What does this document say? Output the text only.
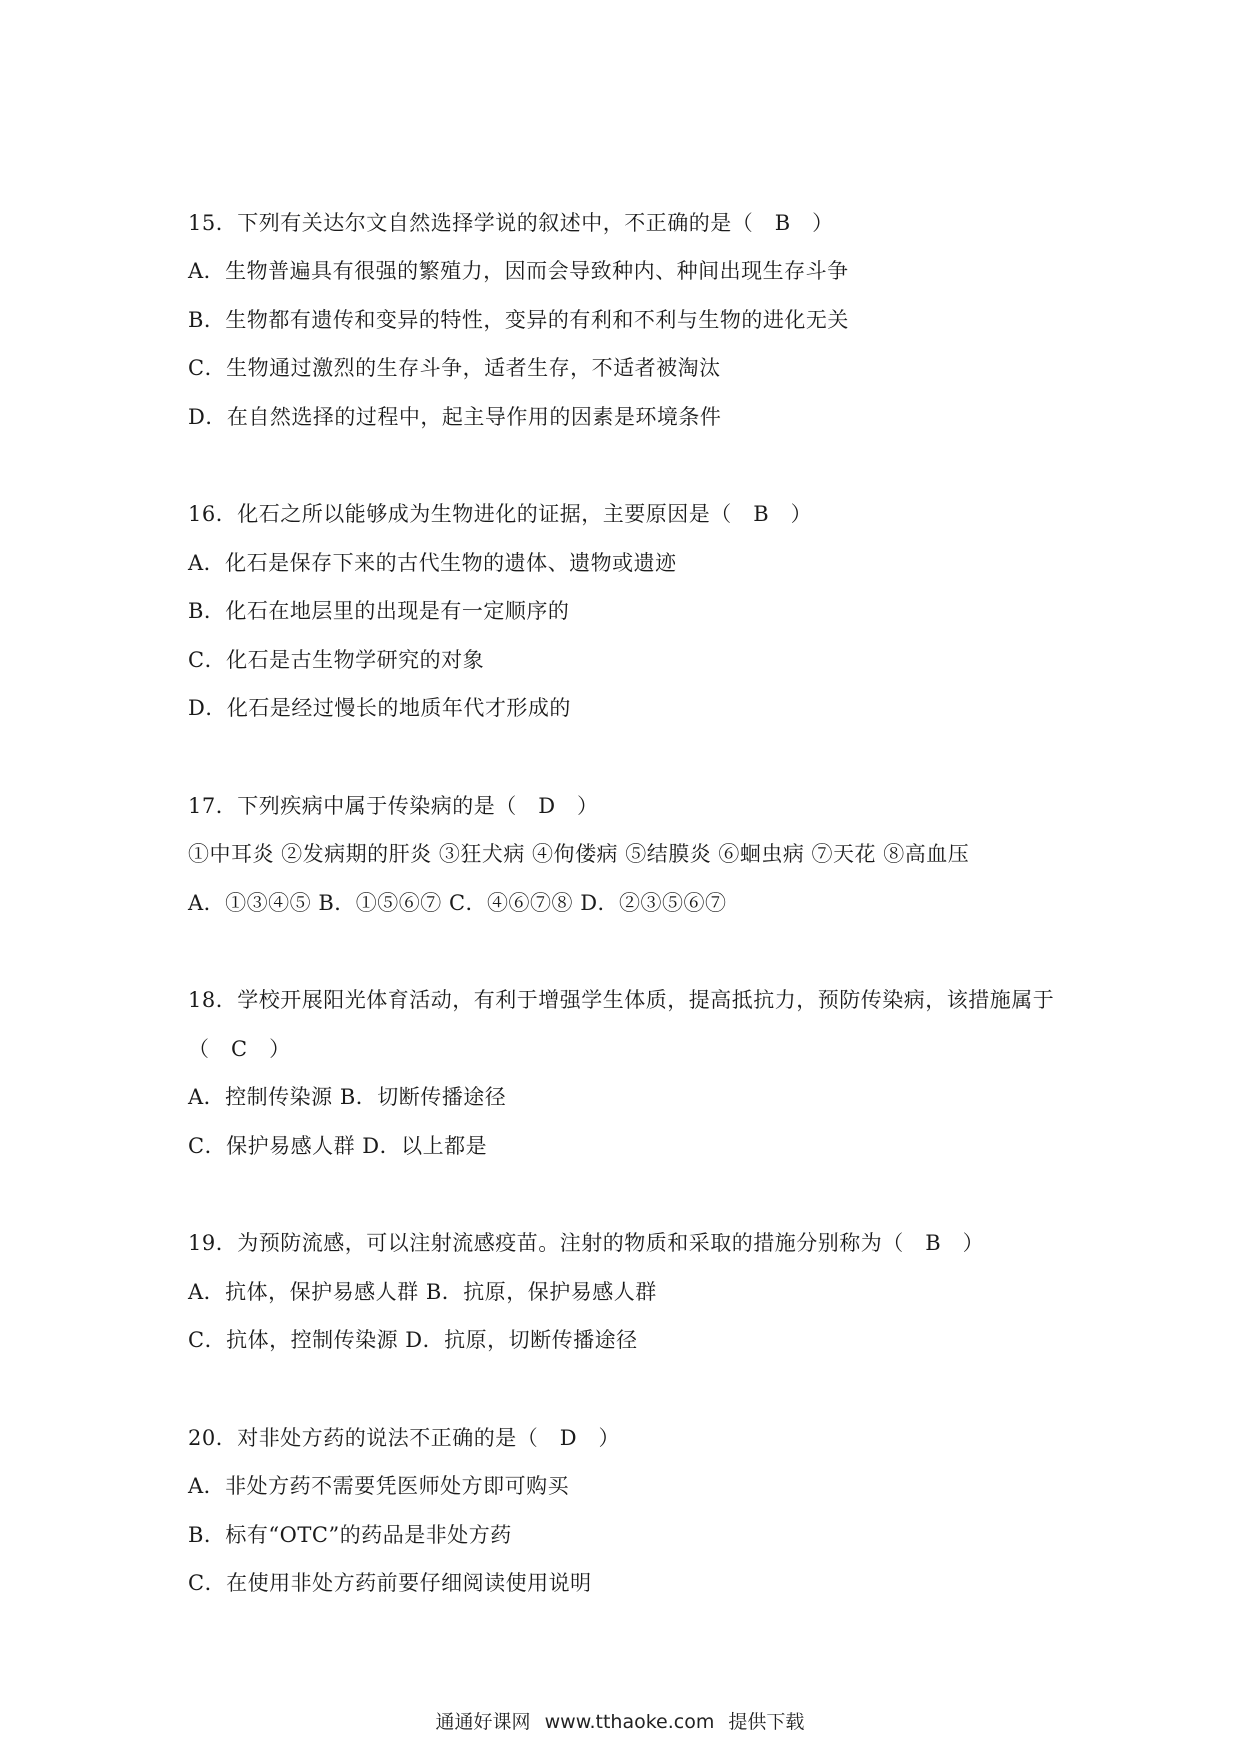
15．下列有关达尔文自然选择学说的叙述中，不正确的是（　B　）
A．生物普遍具有很强的繁殖力，因而会导致种内、种间出现生存斗争
B．生物都有遗传和变异的特性，变异的有利和不利与生物的进化无关
C．生物通过激烈的生存斗争，适者生存，不适者被淘汰
D．在自然选择的过程中，起主导作用的因素是环境条件
16．化石之所以能够成为生物进化的证据，主要原因是（　B　）
A．化石是保存下来的古代生物的遗体、遗物或遗迹
B．化石在地层里的出现是有一定顺序的
C．化石是古生物学研究的对象
D．化石是经过慢长的地质年代才形成的
17．下列疾病中属于传染病的是（　D　）
①中耳炎 ②发病期的肝炎 ③狂犬病 ④佝偻病 ⑤结膜炎 ⑥蛔虫病 ⑦天花 ⑧高血压
A．①③④⑤ B．①⑤⑥⑦ C．④⑥⑦⑧ D．②③⑤⑥⑦
18．学校开展阳光体育活动，有利于增强学生体质，提高抵抗力，预防传染病，该措施属于
（　C　）
A．控制传染源 B．切断传播途径
C．保护易感人群 D．以上都是
19．为预防流感，可以注射流感疫苗。注射的物质和采取的措施分别称为（　B　）
A．抗体，保护易感人群 B．抗原，保护易感人群
C．抗体，控制传染源 D．抗原，切断传播途径
20．对非处方药的说法不正确的是（　D　）
A．非处方药不需要凭医师处方即可购买
B．标有“OTC”的药品是非处方药
C．在使用非处方药前要仔细阅读使用说明
通通好课网 www.tthaoke.com 提供下载
